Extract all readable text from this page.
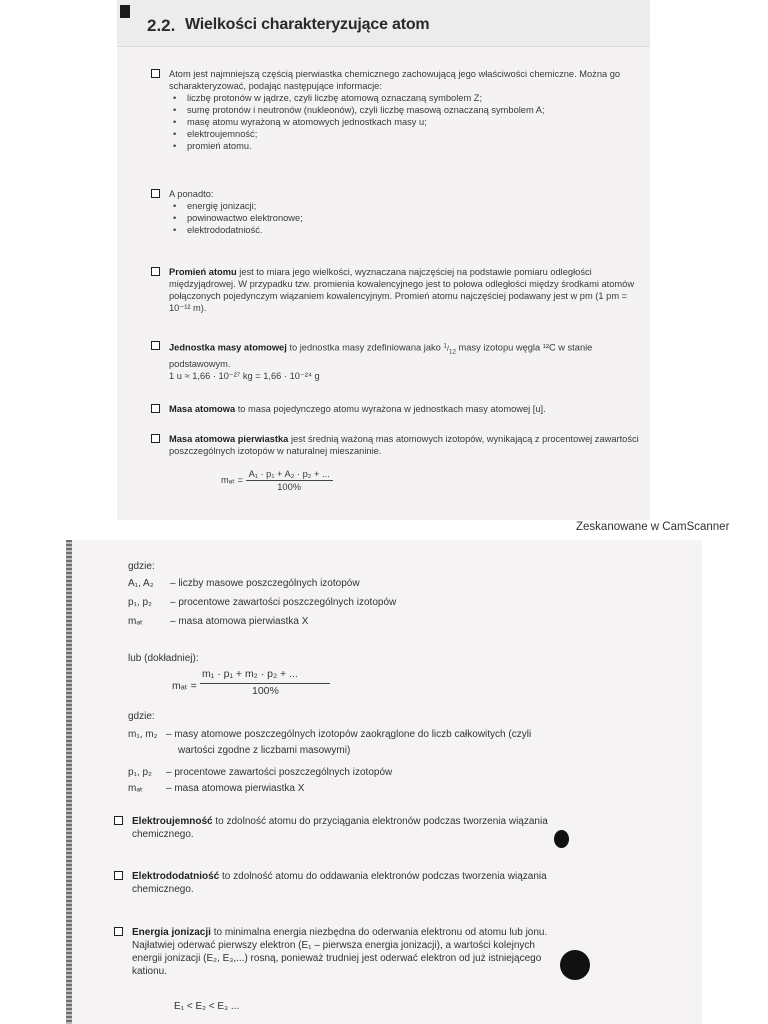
2.2. Wielkości charakteryzujące atom
Atom jest najmniejszą częścią pierwiastka chemicznego zachowującą jego właściwości chemiczne. Można go scharakteryzować, podając następujące informacje:
• liczbę protonów w jądrze, czyli liczbę atomową oznaczaną symbolem Z;
• sumę protonów i neutronów (nukleonów), czyli liczbę masową oznaczaną symbolem A;
• masę atomu wyrażoną w atomowych jednostkach masy u;
• elektroujemność;
• promień atomu.
A ponadto:
• energię jonizacji;
• powinowactwo elektronowe;
• elektrododatniość.
Promień atomu jest to miara jego wielkości, wyznaczana najczęściej na podstawie pomiaru odległości międzyjądrowej. W przypadku tzw. promienia kowalencyjnego jest to połowa odległości między środkami atomów połączonych pojedynczym wiązaniem kowalencyjnym. Promień atomu najczęściej podawany jest w pm (1 pm = 10⁻¹² m).
Jednostka masy atomowej to jednostka masy zdefiniowana jako $^1/_{12}$ masy izotopu węgla ¹²C w stanie podstawowym.
1 u ≈ 1,66 · 10⁻²⁷ kg = 1,66 · 10⁻²⁴ g
Masa atomowa to masa pojedynczego atomu wyrażona w jednostkach masy atomowej [u].
Masa atomowa pierwiastka jest średnią ważoną mas atomowych izotopów, wynikającą z procentowej zawartości poszczególnych izotopów w naturalnej mieszaninie.
$m_{at} = \frac{\text{A₁ · p₁ + A₂ · p₂ + ...}}{100\%}$
Zeskanowane w CamScanner
gdzie:
A₁, A₂ – liczby masowe poszczególnych izotopów
p₁, p₂ – procentowe zawartości poszczególnych izotopów
mₐₜ	– masa atomowa pierwiastka X
lub (dokładniej):
mₐₜ =
m₁ · p₁ + m₂ · p₂ + ...
100%
gdzie:
m₁, m₂ – masy atomowe poszczególnych izotopów zaokrąglone do liczb całkowitych (czyli
wartości zgodne z liczbami masowymi)
p₁, p₂ – procentowe zawartości poszczególnych izotopów
mₐₜ – masa atomowa pierwiastka X
Elektroujemność to zdolność atomu do przyciągania elektronów podczas tworzenia wiązania chemicznego.
Elektrododatniość to zdolność atomu do oddawania elektronów podczas tworzenia wiązania chemicznego.
Energia jonizacji to minimalna energia niezbędna do oderwania elektronu od atomu lub jonu. Najłatwiej oderwać pierwszy elektron (E₁ – pierwsza energia jonizacji), a wartości kolejnych energii jonizacji (E₂, E₃,...) rosną, ponieważ trudniej jest oderwać elektron od już istniejącego kationu.
E₁ < E₂ < E₃ ...
